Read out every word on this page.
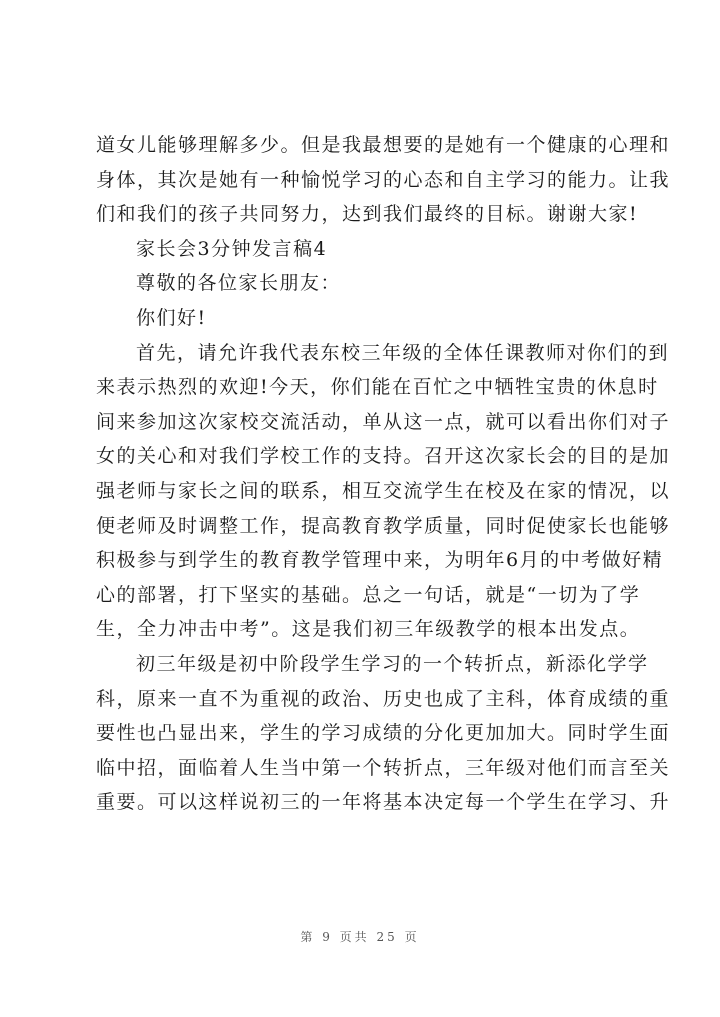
道女儿能够理解多少。但是我最想要的是她有一个健康的心理和
身体，其次是她有一种愉悦学习的心态和自主学习的能力。让我
们和我们的孩子共同努力，达到我们最终的目标。谢谢大家!
家长会3分钟发言稿4
尊敬的各位家长朋友：
你们好!
首先，请允许我代表东校三年级的全体任课教师对你们的到
来表示热烈的欢迎!今天，你们能在百忙之中牺牲宝贵的休息时
间来参加这次家校交流活动，单从这一点，就可以看出你们对子
女的关心和对我们学校工作的支持。召开这次家长会的目的是加
强老师与家长之间的联系，相互交流学生在校及在家的情况，以
便老师及时调整工作，提高教育教学质量，同时促使家长也能够
积极参与到学生的教育教学管理中来，为明年6月的中考做好精
心的部署，打下坚实的基础。总之一句话，就是“一切为了学
生，全力冲击中考”。这是我们初三年级教学的根本出发点。
初三年级是初中阶段学生学习的一个转折点，新添化学学
科，原来一直不为重视的政治、历史也成了主科，体育成绩的重
要性也凸显出来，学生的学习成绩的分化更加加大。同时学生面
临中招，面临着人生当中第一个转折点，三年级对他们而言至关
重要。可以这样说初三的一年将基本决定每一个学生在学习、升
第 9 页共 25 页
